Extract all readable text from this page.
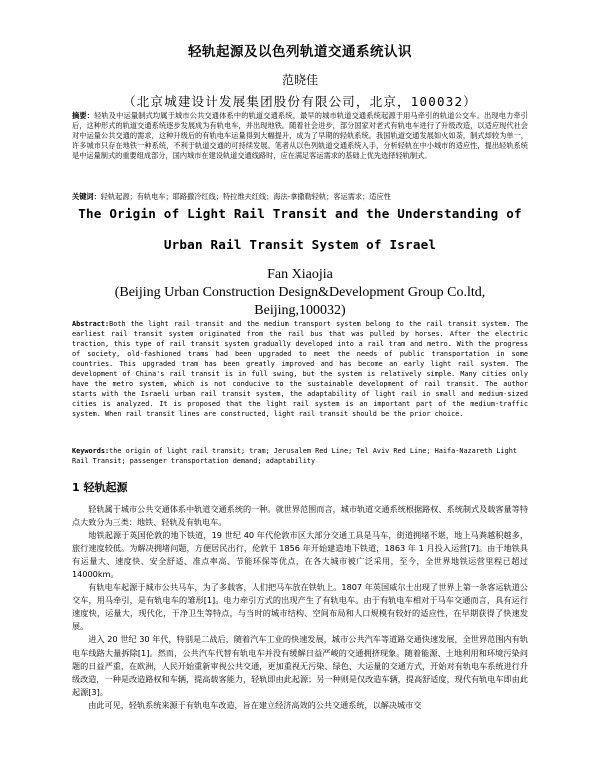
轻轨起源及以色列轨道交通系统认识
范晓佳
（北京城建设计发展集团股份有限公司，北京，100032）
摘要：轻轨及中运量制式均属于城市公共交通体系中的轨道交通系统，最早的城市轨道交通系统起源于用马牵引的轨道公交车。出现电力牵引后，这种形式的轨道交通系统逐步发展成为有轨电车，并出现地铁。随着社会进步，部分国家对老式有轨电车进行了升级改造，以适应现代社会对中运量公共交通的需求，这种升级后的有轨电车运量得到大幅提升，成为了早期的轻轨系统。我国轨道交通发展如火如荼，制式却较为单一，许多城市只存在地铁一种系统，不利于轨道交通的可持续发展。笔者从以色列轨道交通系统入手，分析轻轨在中小城市的适应性，提出轻轨系统是中运量制式的重要组成部分，国内城市在建设轨道交通线路时，应在满足客运需求的基础上优先选择轻轨制式。
关键词：轻轨起源；有轨电车；耶路撒冷红线；特拉维夫红线；海法-拿撒勒轻轨；客运需求；适应性
The Origin of Light Rail Transit and the Understanding of
Urban Rail Transit System of Israel
Fan Xiaojia
(Beijing Urban Construction Design&Development Group Co.ltd,
Beijing,100032)
Abstract:Both the light rail transit and the medium transport system belong to the rail transit system. The earliest rail transit system originated from the rail bus that was pulled by horses. After the electric traction, this type of rail transit system gradually developed into a rail tram and metro. With the progress of society, old-fashioned trams had been upgraded to meet the needs of public transportation in some countries. This upgraded tram has been greatly improved and has become an early light rail system. The development of China's rail transit is in full swing, but the system is relatively simple. Many cities only have the metro system, which is not conducive to the sustainable development of rail transit. The author starts with the Israeli urban rail transit system, the adaptability of light rail in small and medium-sized cities is analyzed. It is proposed that the light rail system is an important part of the medium-traffic system. When rail transit lines are constructed, light rail transit should be the prior choice.
Keywords:the origin of light rail transit; tram; Jerusalem Red Line; Tel Aviv Red Line; Haifa-Nazareth Light Rail Transit; passenger transportation demand; adaptability
1 轻轨起源

轻轨属于城市公共交通体系中轨道交通系统的一种。就世界范围而言，城市轨道交通系统根据路权、系统制式及载客量等特点大致分为三类：地铁、轻轨及有轨电车。

地铁起源于英国伦敦的地下铁道，19 世纪 40 年代伦敦市区大部分交通工具是马车，街道拥堵不堪，地上马粪越积越多，旅行速度较低。为解决拥堵问题，方便居民出行，伦敦于 1856 年开始建造地下铁道，1863 年 1 月投入运营[7]。由于地铁具有运量大、速度快、安全舒适、准点率高、节能环保等优点，在各大城市被广泛采用，至今，全世界地铁运营里程已超过 14000km。

有轨电车起源于城市公共马车，为了多载客，人们把马车放在铁轨上。1807 年英国威尔士出现了世界上第一条客运轨道公交车，用马牵引，是有轨电车的雏形[1]。电力牵引方式的出现产生了有轨电车。由于有轨电车相对于马车交通而言，具有运行速度快，运量大，现代化，干净卫生等特点，与当时的城市结构、空间布局和人口规模有较好的适应性，在早期获得了快速发展。

进入 20 世纪 30 年代，特别是二战后，随着汽车工业的快速发展，城市公共汽车等道路交通快速发展，全世界范围内有轨电车线路大量拆除[1]。然而，公共汽车代替有轨电车并没有缓解日益严峻的交通拥挤现象。随着能源、土地利用和环境污染问题的日益严重，在欧洲，人民开始重新审视公共交通，更加重视无污染、绿色、大运量的交通方式，开始对有轨电车系统进行升级改造，一种是改造路权和车辆，提高载客能力，轻轨即由此起源；另一种则是仅改造车辆，提高舒适度，现代有轨电车即由此起源[3]。

由此可见，轻轨系统来源于有轨电车改造，旨在建立经济高效的公共交通系统，以解决城市交
